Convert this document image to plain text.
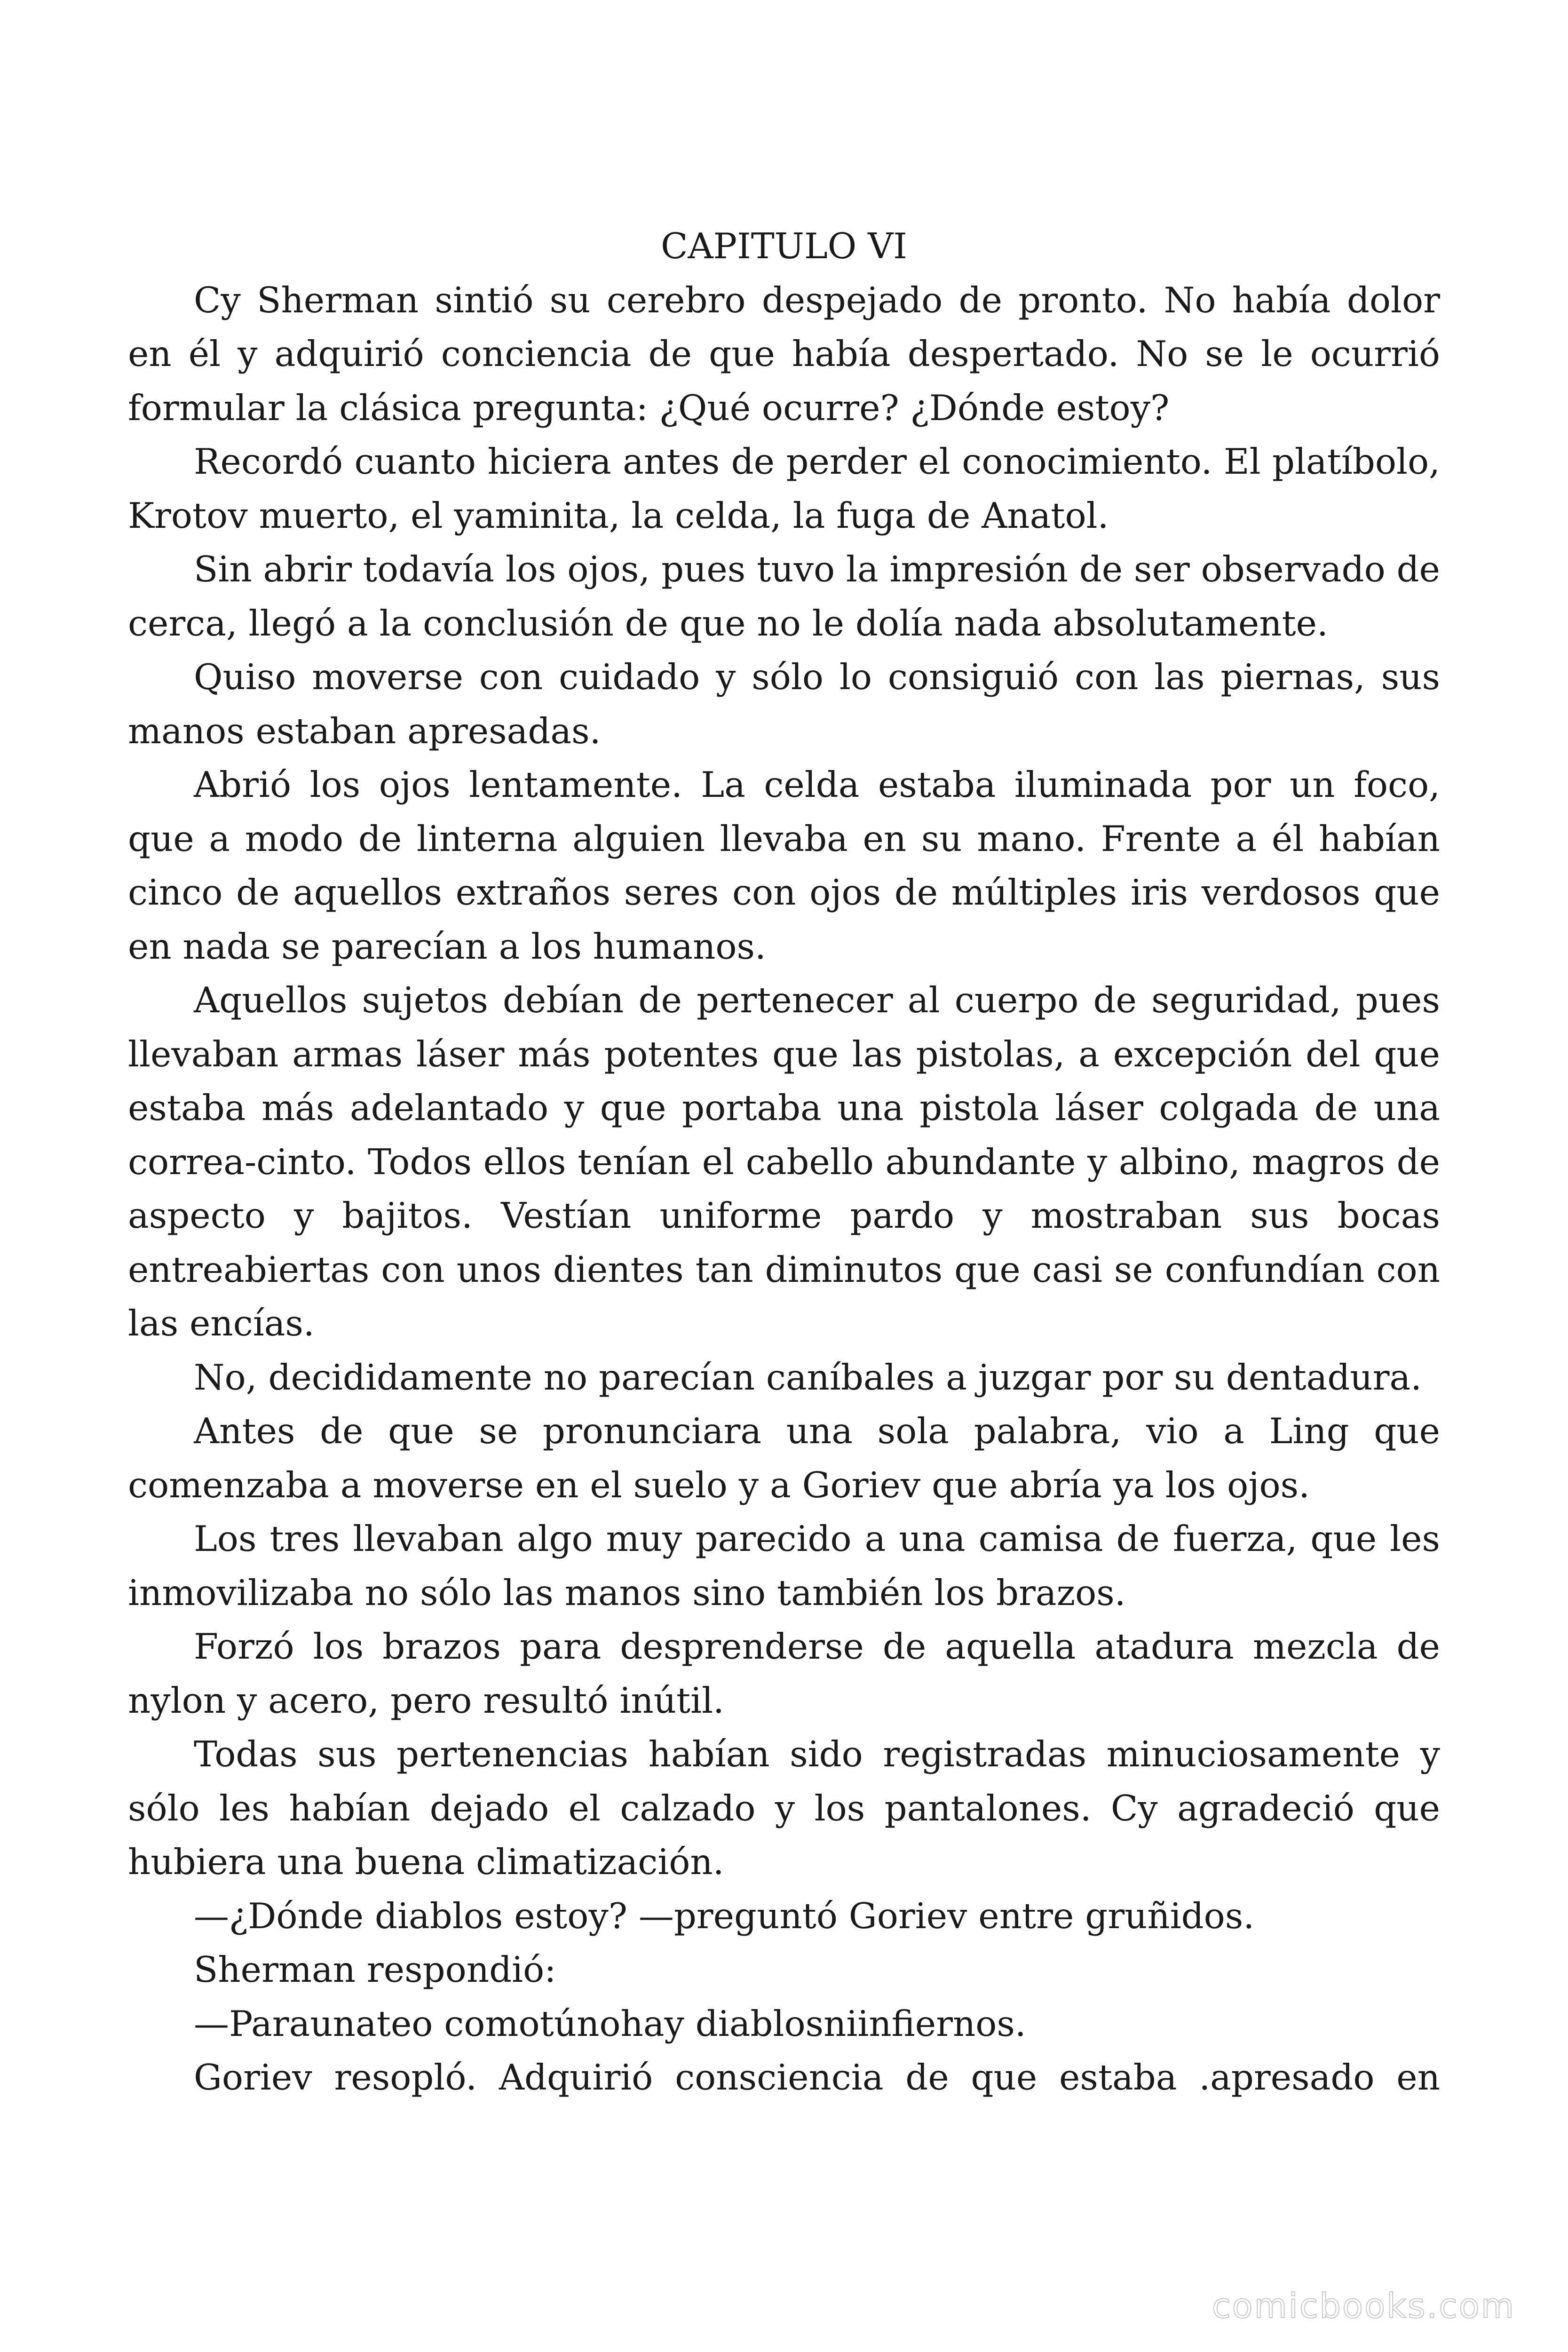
CAPITULO VI

Cy Sherman sintió su cerebro despejado de pronto. No había dolor en él y adquirió conciencia de que había despertado. No se le ocurrió formular la clásica pregunta: ¿Qué ocurre? ¿Dónde estoy?

Recordó cuanto hiciera antes de perder el conocimiento. El platíbolo, Krotov muerto, el yaminita, la celda, la fuga de Anatol.

Sin abrir todavía los ojos, pues tuvo la impresión de ser observado de cerca, llegó a la conclusión de que no le dolía nada absolutamente.

Quiso moverse con cuidado y sólo lo consiguió con las piernas, sus manos estaban apresadas.

Abrió los ojos lentamente. La celda estaba iluminada por un foco, que a modo de linterna alguien llevaba en su mano. Frente a él habían cinco de aquellos extraños seres con ojos de múltiples iris verdosos que en nada se parecían a los humanos.

Aquellos sujetos debían de pertenecer al cuerpo de seguridad, pues llevaban armas láser más potentes que las pistolas, a excepción del que estaba más adelantado y que portaba una pistola láser colgada de una correa-cinto. Todos ellos tenían el cabello abundante y albino, magros de aspecto y bajitos. Vestían uniforme pardo y mostraban sus bocas entreabiertas con unos dientes tan diminutos que casi se confundían con las encías.

No, decididamente no parecían caníbales a juzgar por su dentadura.

Antes de que se pronunciara una sola palabra, vio a Ling que comenzaba a moverse en el suelo y a Goriev que abría ya los ojos.

Los tres llevaban algo muy parecido a una camisa de fuerza, que les inmovilizaba no sólo las manos sino también los brazos.

Forzó los brazos para desprenderse de aquella atadura mezcla de nylon y acero, pero resultó inútil.

Todas sus pertenencias habían sido registradas minuciosamente y sólo les habían dejado el calzado y los pantalones. Cy agradeció que hubiera una buena climatización.

—¿Dónde diablos estoy? —preguntó Goriev entre gruñidos.

Sherman respondió:

—Paraunateo comotúnohay diablosniinfiernos.

Goriev resopló. Adquirió consciencia de que estaba .apresado en

comicbooks.com
